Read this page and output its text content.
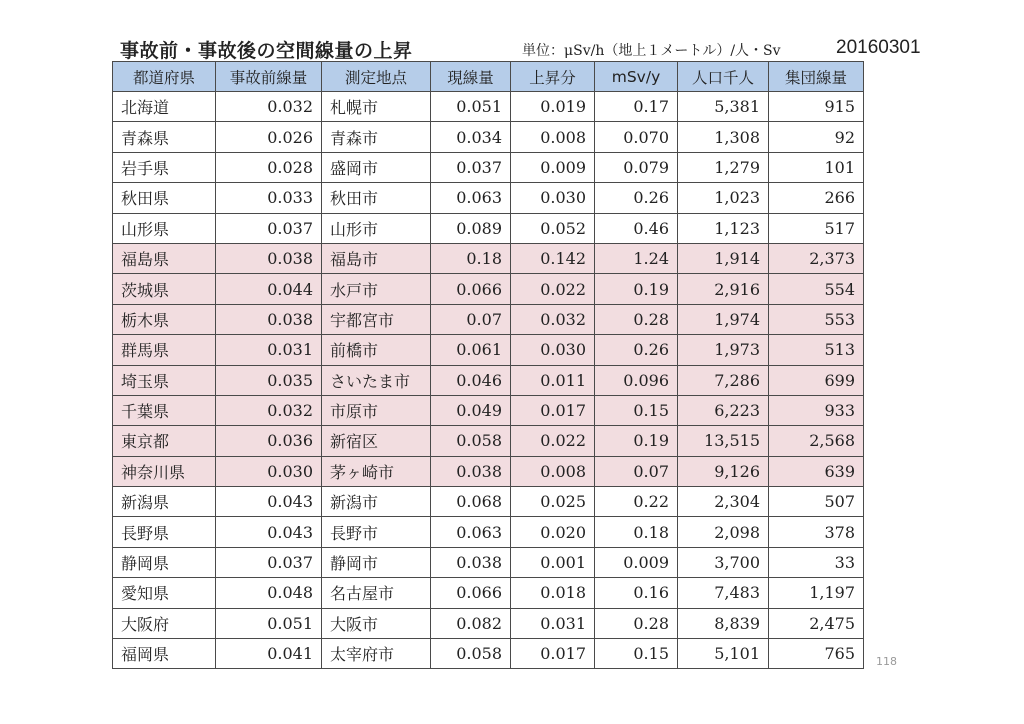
事故前・事故後の空間線量の上昇	単位：μSv/h（地上１メートル）/人・Sv	20160301
都道府県	事故前線量	測定地点	現線量	上昇分	mSv/y	人口千人	集団線量
北海道	0.032	札幌市	0.051	0.019	0.17	5,381	915
青森県	0.026	青森市	0.034	0.008	0.070	1,308	92
岩手県	0.028	盛岡市	0.037	0.009	0.079	1,279	101
秋田県	0.033	秋田市	0.063	0.030	0.26	1,023	266
山形県	0.037	山形市	0.089	0.052	0.46	1,123	517
福島県	0.038	福島市	0.18	0.142	1.24	1,914	2,373
茨城県	0.044	水戸市	0.066	0.022	0.19	2,916	554
栃木県	0.038	宇都宮市	0.07	0.032	0.28	1,974	553
群馬県	0.031	前橋市	0.061	0.030	0.26	1,973	513
埼玉県	0.035	さいたま市	0.046	0.011	0.096	7,286	699
千葉県	0.032	市原市	0.049	0.017	0.15	6,223	933
東京都	0.036	新宿区	0.058	0.022	0.19	13,515	2,568
神奈川県	0.030	茅ヶ崎市	0.038	0.008	0.07	9,126	639
新潟県	0.043	新潟市	0.068	0.025	0.22	2,304	507
長野県	0.043	長野市	0.063	0.020	0.18	2,098	378
静岡県	0.037	静岡市	0.038	0.001	0.009	3,700	33
愛知県	0.048	名古屋市	0.066	0.018	0.16	7,483	1,197
大阪府	0.051	大阪市	0.082	0.031	0.28	8,839	2,475
福岡県	0.041	太宰府市	0.058	0.017	0.15	5,101	765 118
